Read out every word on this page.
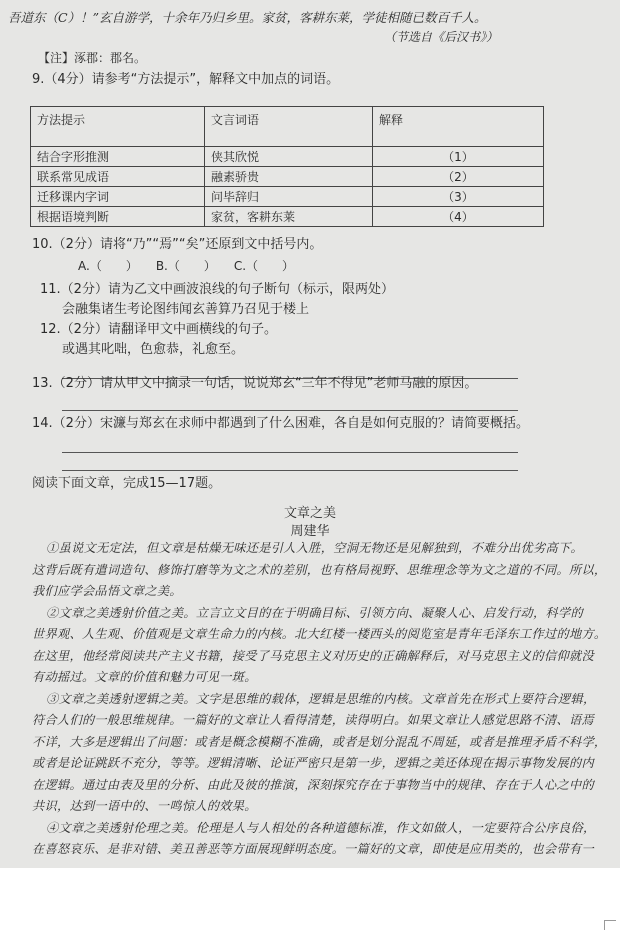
吾道东（C）！”玄自游学，十余年乃归乡里。家贫，客耕东莱，学徒相随已数百千人。
（节选自《后汉书》）
【注】涿郡：郡名。
9.（4分）请参考“方法提示”，解释文中加点的词语。
方法提示	文言词语	解释
结合字形推测	侠其欣悦	（1）
联系常见成语	融素骄贵	（2）
迁移课内字词	问毕辞归	（3）
根据语境判断	家贫，客耕东莱	（4）
10.（2分）请将“乃”“焉”“矣”还原到文中括号内。
A.（　　）　　B.（　　）　　C.（　　）
11.（2分）请为乙文中画波浪线的句子断句（标示，限两处）
会融集诸生考论图纬闻玄善算乃召见于楼上
12.（2分）请翻译甲文中画横线的句子。
或遇其叱咄，色愈恭，礼愈至。
13.（2分）请从甲文中摘录一句话，说说郑玄“三年不得见”老师马融的原因。
14.（2分）宋濂与郑玄在求师中都遇到了什么困难，各自是如何克服的？请简要概括。
阅读下面文章，完成15—17题。
文章之美
周建华
①虽说文无定法，但文章是枯燥无味还是引人入胜，空洞无物还是见解独到，不难分出优劣高下。
这背后既有遣词造句、修饰打磨等为文之术的差别，也有格局视野、思维理念等为文之道的不同。所以，
我们应学会品悟文章之美。
②文章之美透射价值之美。立言立文目的在于明确目标、引领方向、凝聚人心、启发行动，科学的
世界观、人生观、价值观是文章生命力的内核。北大红楼一楼西头的阅览室是青年毛泽东工作过的地方。
在这里，他经常阅读共产主义书籍，接受了马克思主义对历史的正确解释后，对马克思主义的信仰就没
有动摇过。文章的价值和魅力可见一斑。
③文章之美透射逻辑之美。文字是思维的载体，逻辑是思维的内核。文章首先在形式上要符合逻辑，
符合人们的一般思维规律。一篇好的文章让人看得清楚，读得明白。如果文章让人感觉思路不清、语焉
不详，大多是逻辑出了问题：或者是概念模糊不准确，或者是划分混乱不周延，或者是推理矛盾不科学，
或者是论证跳跃不充分，等等。逻辑清晰、论证严密只是第一步，逻辑之美还体现在揭示事物发展的内
在逻辑。通过由表及里的分析、由此及彼的推演，深刻探究存在于事物当中的规律、存在于人心之中的
共识，达到一语中的、一鸣惊人的效果。
④文章之美透射伦理之美。伦理是人与人相处的各种道德标准，作文如做人，一定要符合公序良俗，
在喜怒哀乐、是非对错、美丑善恶等方面展现鲜明态度。一篇好的文章，即使是应用类的，也会带有一
